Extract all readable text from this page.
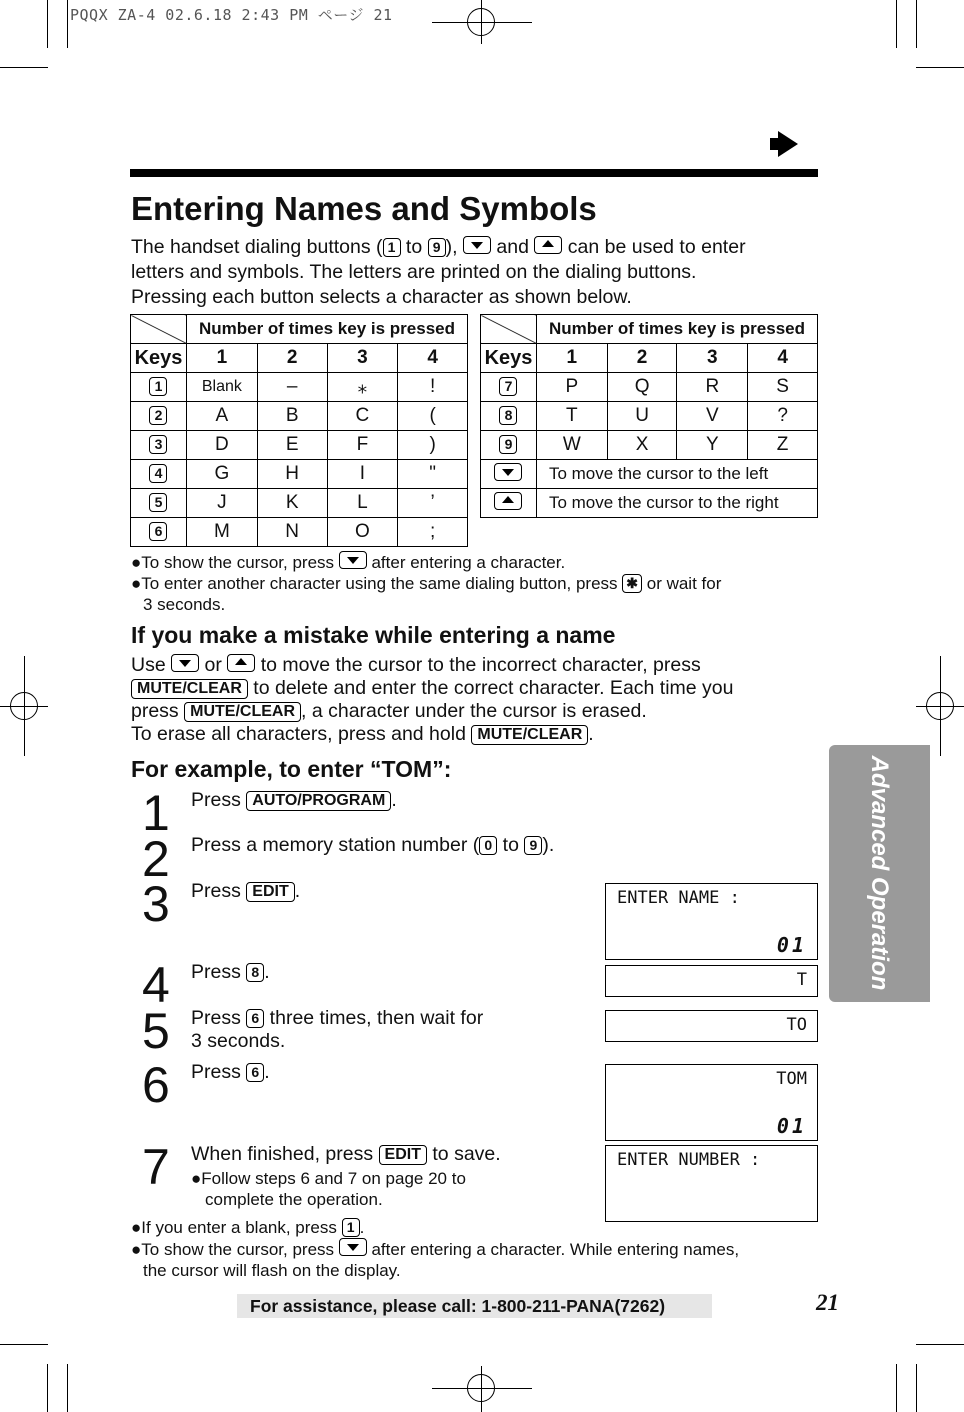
PQQX ZA-4 02.6.18 2:43 PM ページ 21
Entering Names and Symbols

The handset dialing buttons ( 1 to 9 ),  and  can be used to enter

letters and symbols. The letters are printed on the dialing buttons.

Pressing each button selects a character as shown below.

	Number of times key is pressed			
Keys	1	2	3	4
1	Blank	–	⁎	!
2	A	B	C	(
3	D	E	F	)
4	G	H	I	"
5	J	K	L	’
6	M	N	O	;
	Number of times key is pressed			
Keys	1	2	3	4
7	P	Q	R	S
8	T	U	V	?
9	W	X	Y	Z
	To move the cursor to the left			
	To move the cursor to the right			

●To show the cursor, press  after entering a character.

●To enter another character using the same dialing button, press ✱ or wait for

3 seconds.

If you make a mistake while entering a name

Use  or  to move the cursor to the incorrect character, press

MUTE/CLEAR to delete and enter the correct character. Each time you

press MUTE/CLEAR , a character under the cursor is erased.

To erase all characters, press and hold MUTE/CLEAR .

For example, to enter “TOM”:
1 Press AUTO/PROGRAM .
2 Press a memory station number ( 0 to 9 ).
3 Press EDIT .
4 Press 8 .
5 Press 6 three times, then wait for
3 seconds.
6 Press 6 .
7 When finished, press EDIT to save.
●Follow steps 6 and 7 on page 20 to
complete the operation.
ENTER NAME :
01
T
TO
TOM
01
ENTER NUMBER :

●If you enter a blank, press 1 .

●To show the cursor, press  after entering a character. While entering names,

the cursor will flash on the display.

Advanced Operation
For assistance, please call: 1-800-211-PANA(7262)	21
